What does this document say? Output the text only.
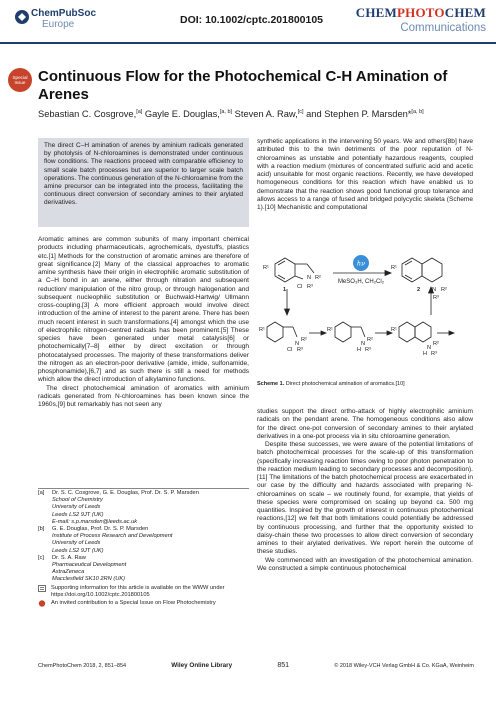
ChemPubSoc
Europe	DOI: 10.1002/cptc.201800105	CHEMPHOTOCHEM
Communications
Special
Issue Continuous Flow for the Photochemical C-H Amination of Arenes
Sebastian C. Cosgrove,[a] Gayle E. Douglas,[a, b] Steven A. Raw,[c] and Stephen P. Marsden*[a, b]
The direct C–H amination of arenes by aminium radicals generated by photolysis of N-chloroamines is demonstrated under continuous flow conditions. The reactions proceed with comparable efficiency to small scale batch processes but are superior to larger scale batch operations. The continuous generation of the N-chloroamine from the amine precursor can be integrated into the process, facilitating the continuous direct conversion of secondary amines to their arylated derivatives.

Aromatic amines are common subunits of many important chemical products including pharmaceuticals, agrochemicals, dyestuffs, plastics etc.[1] Methods for the construction of aromatic amines are therefore of great significance.[2] Many of the classical approaches to aromatic amine synthesis have their origin in electrophilic aromatic substitution of a C–H bond in an arene, either through nitration and subsequent reduction/ manipulation of the nitro group, or through halogenation and subsequent nucleophilic substitution or Buchwald-Hartwig/ Ullmann cross-coupling.[3] A more efficient approach would involve direct introduction of the amine of interest to the parent arene. There has been much recent interest in such transformations,[4] amongst which the use of electrophilic nitrogen-centred radicals has been prominent.[5] These species have been generated under metal catalysis[6] or photochemically[7–8] either by direct excitation or through photocatalysed processes. The majority of these transformations deliver the nitrogen as an electron-poor derivative (amide, imide, sulfonamide, phosphonamide),[6,7] and as such there is still a need for methods which allow the direct introduction of alkylamino functions.

The direct photochemical amination of aromatics with aminium radicals generated from N-chloroamines has been known since the 1960s,[9] but remarkably has not seen any

synthetic applications in the intervening 50 years. We and others[8b] have attributed this to the twin detriments of the poor reputation of N-chloroamines as unstable and potentially hazardous reagents, coupled with a reaction medium (mixtures of concentrated sulfuric acid and acetic acid) unsuitable for most organic reactions. Recently, we have developed homogeneous conditions for this reaction which have enabled us to demonstrate that the reaction shows good functional group tolerance and allows access to a range of fused and bridged polycyclic skeleta (Scheme 1).[10] Mechanistic and computational

hν
MeSO₃H, CH₂Cl₂
R¹
N R²
Cl R³
1
R¹
N R²
R³
2
R¹
N
R²
Cl R³
R¹
N
R²
H R³
R¹
N
R²
H R³
Scheme 1. Direct photochemical amination of aromatics.[10]

studies support the direct ortho-attack of highly electrophilic aminium radicals on the pendant arene. The homogeneous conditions also allow for the direct one-pot conversion of secondary amines to their arylated derivatives in a one-pot process via in situ chloroamine generation.

Despite these successes, we were aware of the potential limitations of batch photochemical processes for the scale-up of this transformation (specifically increasing reaction times owing to poor photon penetration to the reaction medium leading to secondary processes and decomposition).[11] The limitations of the batch photochemical process are exacerbated in our case by the difficulty and hazards associated with preparing N-chloroamines on scale – we routinely found, for example, that yields of these species were compromised on scaling up beyond ca. 500 mg quantities. Inspired by the growth of interest in continuous photochemical reactions,[12] we felt that both limitations could potentially be addressed by continuous processing, and further that the opportunity existed to daisy-chain these two processes to allow direct conversion of secondary amines to their arylated derivatives. We report herein the outcome of these studies.

We commenced with an investigation of the photochemical amination. We constructed a simple continuous photochemical

[a]	Dr. S. C. Cosgrove, G. E. Douglas, Prof. Dr. S. P. Marsden
School of Chemistry
University of Leeds
Leeds LS2 9JT (UK)
E-mail: s.p.marsden@leeds.ac.uk
[b]	G. E. Douglas, Prof. Dr. S. P. Marsden
Institute of Process Research and Development
University of Leeds
Leeds LS2 9JT (UK)
[c]	Dr. S. A. Raw
Pharmaceutical Development
AstraZeneca
Macclesfield SK10 2RN (UK)
Supporting information for this article is available on the WWW under https://doi.org/10.1002/cptc.201800105
An invited contribution to a Special Issue on Flow Photochemistry
ChemPhotoChem 2018, 2, 851–854	Wiley Online Library	851	© 2018 Wiley-VCH Verlag GmbH & Co. KGaA, Weinheim
